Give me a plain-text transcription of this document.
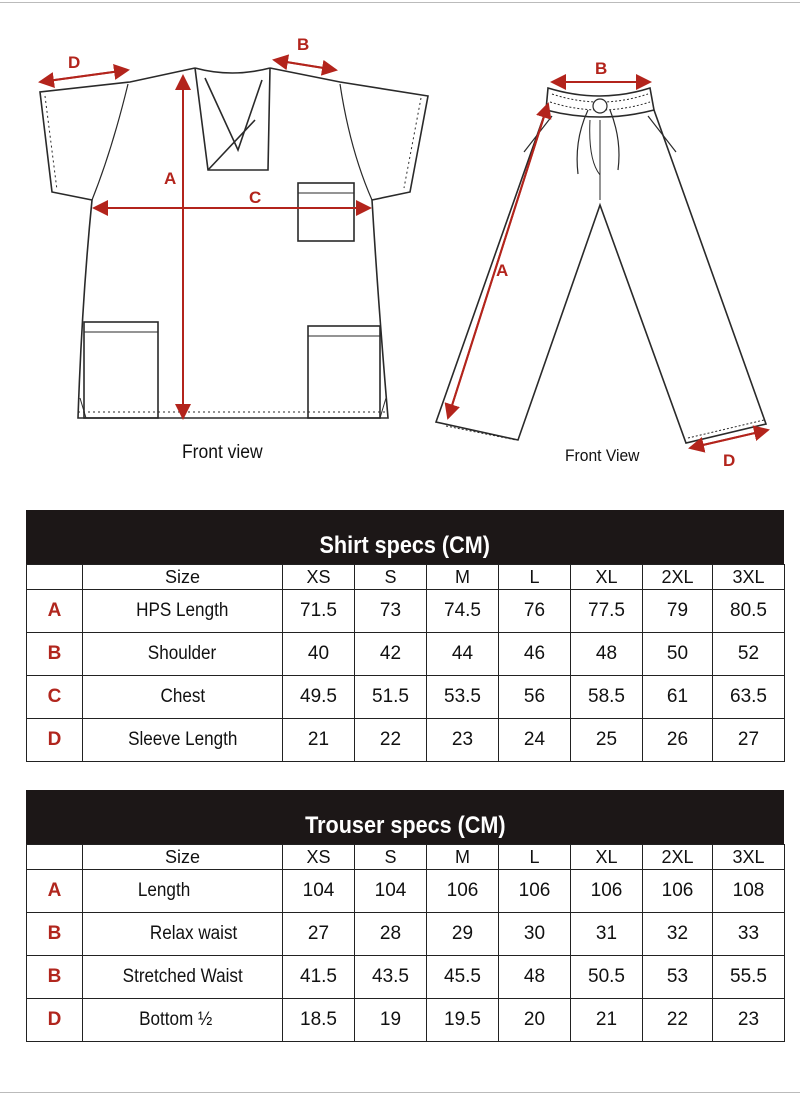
A
B
C
D	B
A
D
Front view	Front View
Shirt specs (CM)
	Size	XS	S	M	L	XL	2XL	3XL
A	HPS Length	71.5	73	74.5	76	77.5	79	80.5
B	Shoulder	40	42	44	46	48	50	52
C	Chest	49.5	51.5	53.5	56	58.5	61	63.5
D	Sleeve Length	21	22	23	24	25	26	27
Trouser specs (CM)
	Size	XS	S	M	L	XL	2XL	3XL
A	Length	104	104	106	106	106	106	108
B	Relax waist	27	28	29	30	31	32	33
B	Stretched Waist	41.5	43.5	45.5	48	50.5	53	55.5
D	Bottom ½	18.5	19	19.5	20	21	22	23
